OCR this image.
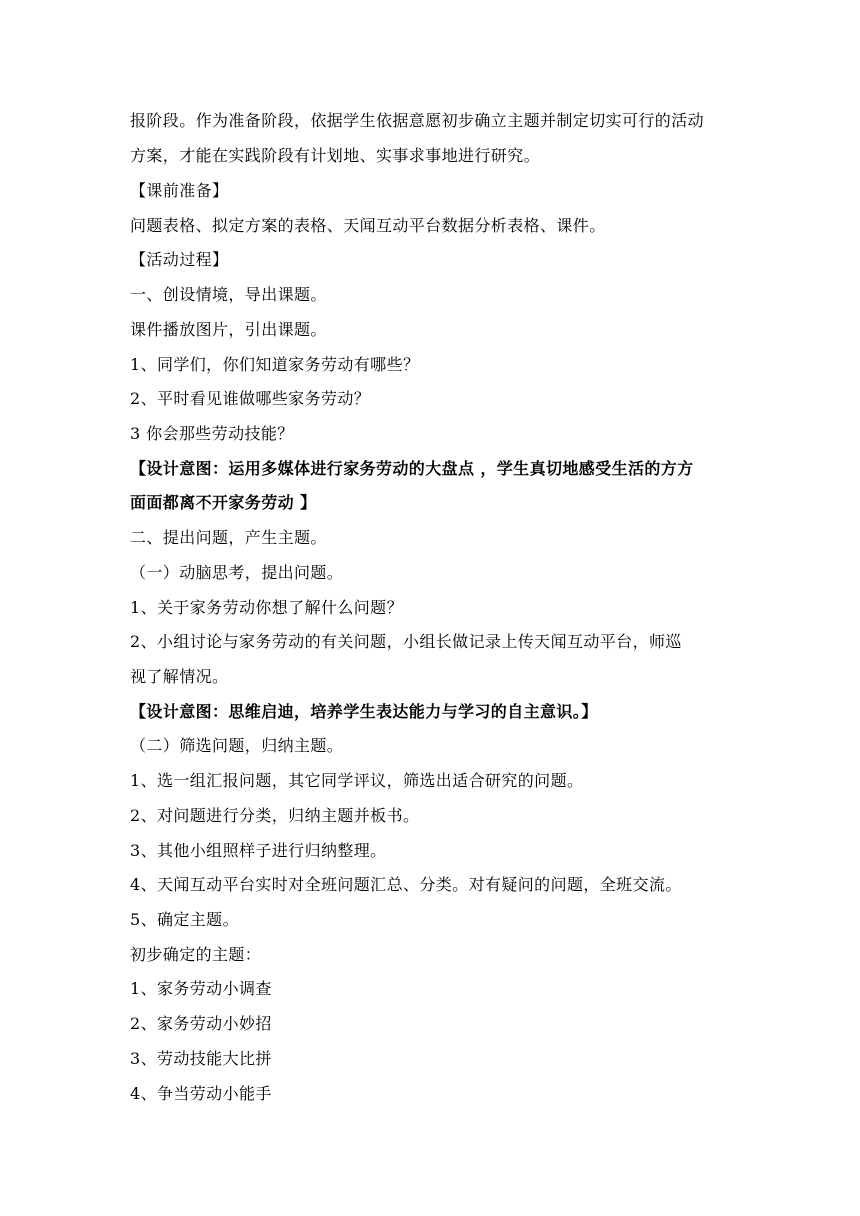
报阶段。作为准备阶段，依据学生依据意愿初步确立主题并制定切实可行的活动
方案，才能在实践阶段有计划地、实事求事地进行研究。
【课前准备】
问题表格、拟定方案的表格、天闻互动平台数据分析表格、课件。
【活动过程】
一、创设情境，导出课题。
课件播放图片，引出课题。
1、同学们，你们知道家务劳动有哪些？
2、平时看见谁做哪些家务劳动？
3 你会那些劳动技能？
【设计意图：运用多媒体进行家务劳动的大盘点 ，学生真切地感受生活的方方
面面都离不开家务劳动 】
二、提出问题，产生主题。
（一）动脑思考，提出问题。
1、关于家务劳动你想了解什么问题？
2、小组讨论与家务劳动的有关问题，小组长做记录上传天闻互动平台，师巡
视了解情况。
【设计意图：思维启迪，培养学生表达能力与学习的自主意识。】
（二）筛选问题，归纳主题。
1、选一组汇报问题，其它同学评议，筛选出适合研究的问题。
2、对问题进行分类，归纳主题并板书。
3、其他小组照样子进行归纳整理。
4、天闻互动平台实时对全班问题汇总、分类。对有疑问的问题，全班交流。
5、确定主题。
初步确定的主题：
1、家务劳动小调查
2、家务劳动小妙招
3、劳动技能大比拼
4、争当劳动小能手
